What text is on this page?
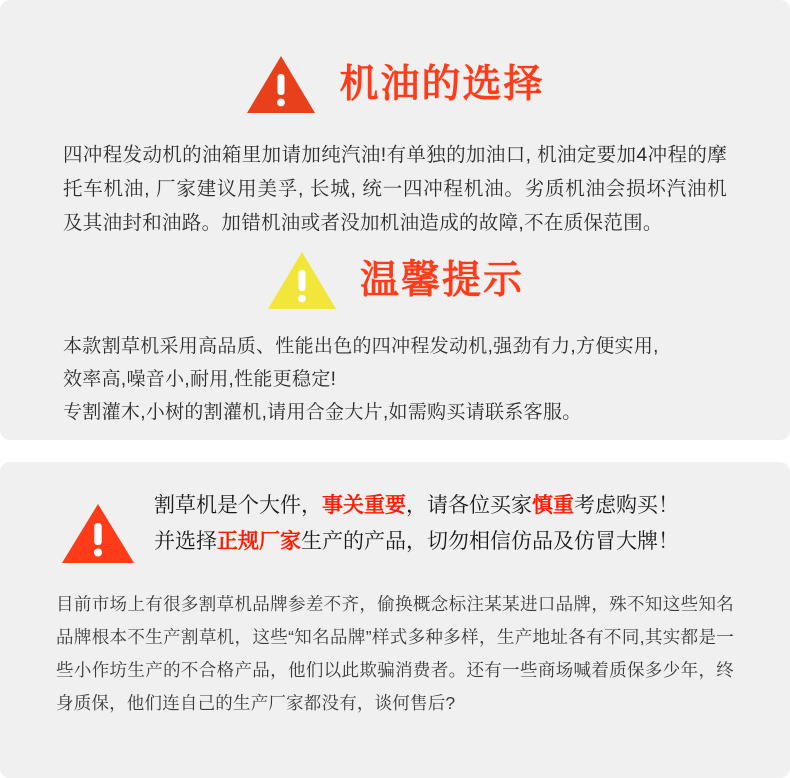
机油的选择
四冲程发动机的油箱里加请加纯汽油!有单独的加油口, 机油定要加4冲程的摩托车机油, 厂家建议用美孚, 长城, 统一四冲程机油。劣质机油会损坏汽油机及其油封和油路。加错机油或者没加机油造成的故障,不在质保范围。
温馨提示
本款割草机采用高品质、性能出色的四冲程发动机,强劲有力,方便实用,
效率高,噪音小,耐用,性能更稳定!
专割灌木,小树的割灌机,请用合金大片,如需购买请联系客服。
割草机是个大件，事关重要，请各位买家慎重考虑购买！
并选择正规厂家生产的产品，切勿相信仿品及仿冒大牌！
目前市场上有很多割草机品牌参差不齐，偷换概念标注某某进口品牌，殊不知这些知名品牌根本不生产割草机，这些“知名品牌”样式多种多样，生产地址各有不同,其实都是一些小作坊生产的不合格产品，他们以此欺骗消费者。还有一些商场喊着质保多少年，终身质保，他们连自己的生产厂家都没有，谈何售后?
